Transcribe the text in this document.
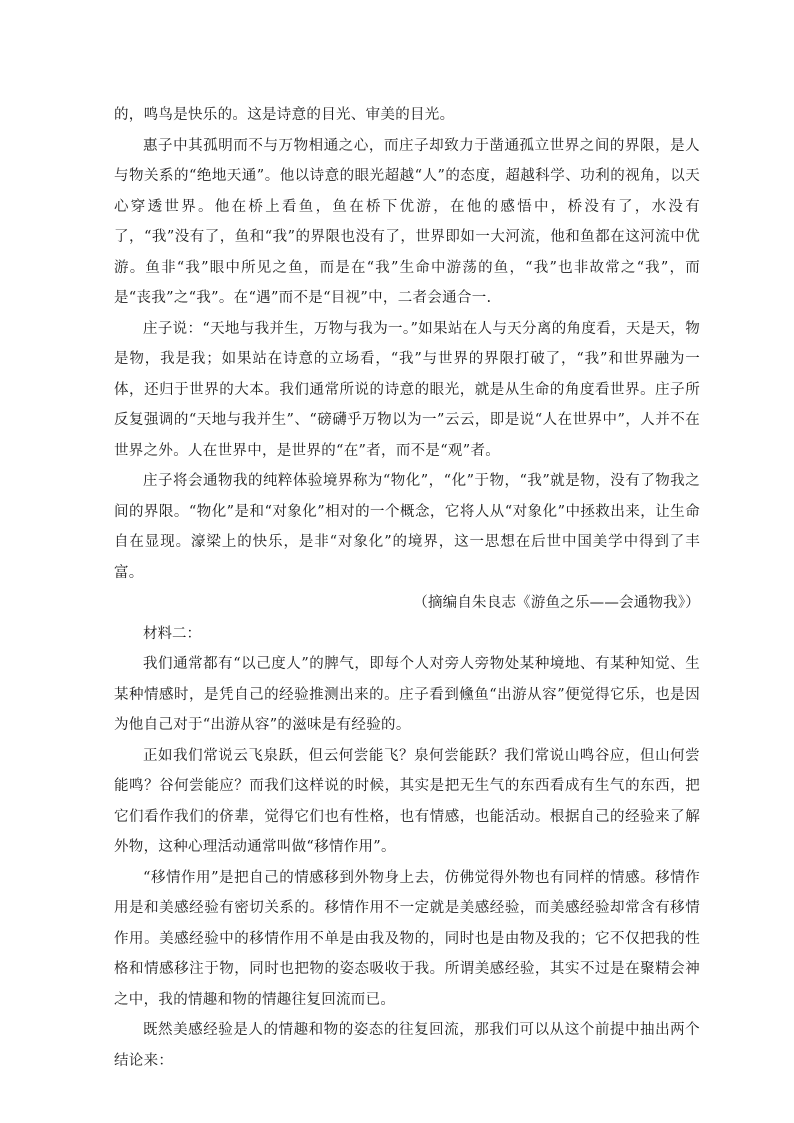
的，鸣鸟是快乐的。这是诗意的目光、审美的目光。

惠子中其孤明而不与万物相通之心，而庄子却致力于凿通孤立世界之间的界限，是人与物关系的“绝地天通”。他以诗意的眼光超越“人”的态度，超越科学、功利的视角，以天心穿透世界。他在桥上看鱼，鱼在桥下优游，在他的感悟中，桥没有了，水没有了，“我”没有了，鱼和“我”的界限也没有了，世界即如一大河流，他和鱼都在这河流中优游。鱼非“我”眼中所见之鱼，而是在“我”生命中游荡的鱼，“我”也非故常之“我”，而是“丧我”之“我”。在“遇”而不是“目视”中，二者会通合一.

庄子说：“天地与我并生，万物与我为一。”如果站在人与天分离的角度看，天是天，物是物，我是我；如果站在诗意的立场看，“我”与世界的界限打破了，“我”和世界融为一体，还归于世界的大本。我们通常所说的诗意的眼光，就是从生命的角度看世界。庄子所反复强调的“天地与我并生”、“磅礴乎万物以为一”云云，即是说“人在世界中”，人并不在世界之外。人在世界中，是世界的“在”者，而不是“观”者。

庄子将会通物我的纯粹体验境界称为“物化”，“化”于物，“我”就是物，没有了物我之间的界限。“物化”是和“对象化”相对的一个概念，它将人从“对象化”中拯救出来，让生命自在显现。濠梁上的快乐，是非“对象化”的境界，这一思想在后世中国美学中得到了丰富。

（摘编自朱良志《游鱼之乐——会通物我》）

材料二：

我们通常都有“以己度人”的脾气，即每个人对旁人旁物处某种境地、有某种知觉、生某种情感时，是凭自己的经验推测出来的。庄子看到儵鱼“出游从容”便觉得它乐，也是因为他自己对于“出游从容”的滋味是有经验的。

正如我们常说云飞泉跃，但云何尝能飞？泉何尝能跃？我们常说山鸣谷应，但山何尝能鸣？谷何尝能应？而我们这样说的时候，其实是把无生气的东西看成有生气的东西，把它们看作我们的侪辈，觉得它们也有性格，也有情感，也能活动。根据自己的经验来了解外物，这种心理活动通常叫做“移情作用”。

“移情作用”是把自己的情感移到外物身上去，仿佛觉得外物也有同样的情感。移情作用是和美感经验有密切关系的。移情作用不一定就是美感经验，而美感经验却常含有移情作用。美感经验中的移情作用不单是由我及物的，同时也是由物及我的；它不仅把我的性格和情感移注于物，同时也把物的姿态吸收于我。所谓美感经验，其实不过是在聚精会神之中，我的情趣和物的情趣往复回流而已。

既然美感经验是人的情趣和物的姿态的往复回流，那我们可以从这个前提中抽出两个结论来：
